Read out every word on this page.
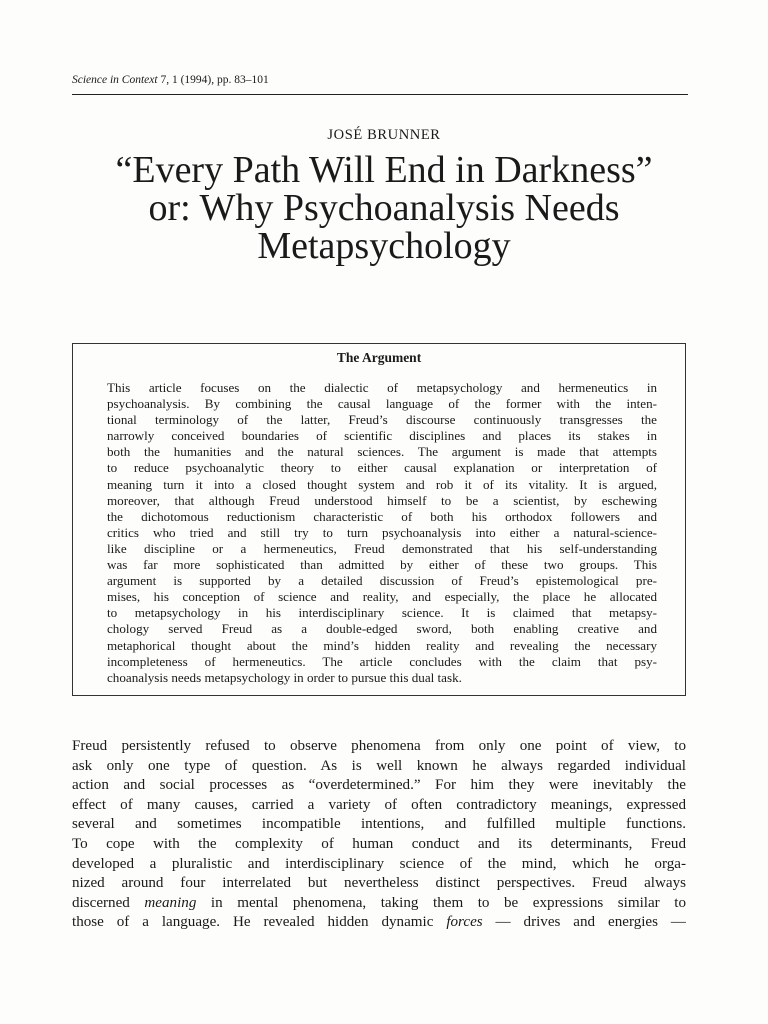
Science in Context 7, 1 (1994), pp. 83–101
JOSÉ BRUNNER
“Every Path Will End in Darkness”
or: Why Psychoanalysis Needs
Metapsychology
The Argument
This article focuses on the dialectic of metapsychology and hermeneutics in
psychoanalysis. By combining the causal language of the former with the inten-
tional terminology of the latter, Freud’s discourse continuously transgresses the
narrowly conceived boundaries of scientific disciplines and places its stakes in
both the humanities and the natural sciences. The argument is made that attempts
to reduce psychoanalytic theory to either causal explanation or interpretation of
meaning turn it into a closed thought system and rob it of its vitality. It is argued,
moreover, that although Freud understood himself to be a scientist, by eschewing
the dichotomous reductionism characteristic of both his orthodox followers and
critics who tried and still try to turn psychoanalysis into either a natural-science-
like discipline or a hermeneutics, Freud demonstrated that his self-understanding
was far more sophisticated than admitted by either of these two groups. This
argument is supported by a detailed discussion of Freud’s epistemological pre-
mises, his conception of science and reality, and especially, the place he allocated
to metapsychology in his interdisciplinary science. It is claimed that metapsy-
chology served Freud as a double-edged sword, both enabling creative and
metaphorical thought about the mind’s hidden reality and revealing the necessary
incompleteness of hermeneutics. The article concludes with the claim that psy-
choanalysis needs metapsychology in order to pursue this dual task.
Freud persistently refused to observe phenomena from only one point of view, to
ask only one type of question. As is well known he always regarded individual
action and social processes as “overdetermined.” For him they were inevitably the
effect of many causes, carried a variety of often contradictory meanings, expressed
several and sometimes incompatible intentions, and fulfilled multiple functions.
To cope with the complexity of human conduct and its determinants, Freud
developed a pluralistic and interdisciplinary science of the mind, which he orga-
nized around four interrelated but nevertheless distinct perspectives. Freud always
discerned meaning in mental phenomena, taking them to be expressions similar to
those of a language. He revealed hidden dynamic forces — drives and energies —
